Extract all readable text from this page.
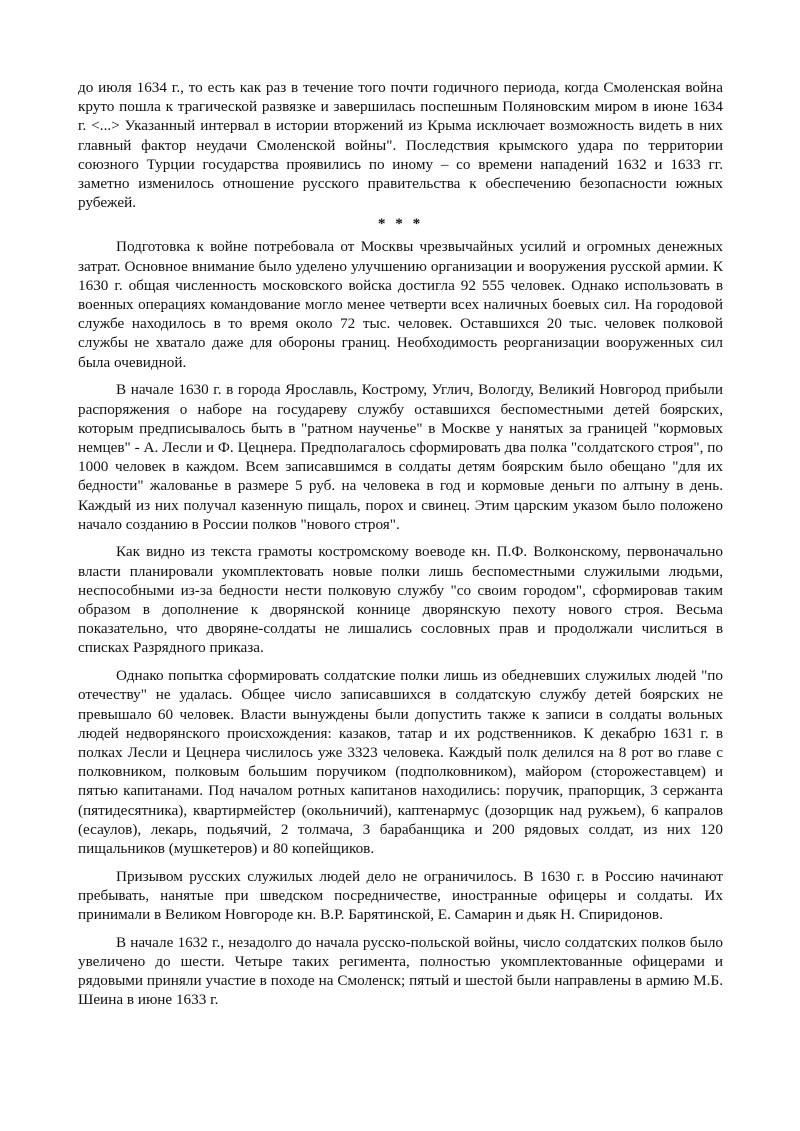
до июля 1634 г., то есть как раз в течение того почти годичного периода, когда Смоленская война круто пошла к трагической развязке и завершилась поспешным Поляновским миром в июне 1634 г. <...> Указанный интервал в истории вторжений из Крыма исключает возможность видеть в них главный фактор неудачи Смоленской войны". Последствия крымского удара по территории союзного Турции государства проявились по иному – со времени нападений 1632 и 1633 гг. заметно изменилось отношение русского правительства к обеспечению безопасности южных рубежей.

* * *

Подготовка к войне потребовала от Москвы чрезвычайных усилий и огромных денежных затрат. Основное внимание было уделено улучшению организации и вооружения русской армии. К 1630 г. общая численность московского войска достигла 92 555 человек. Однако использовать в военных операциях командование могло менее четверти всех наличных боевых сил. На городовой службе находилось в то время около 72 тыс. человек. Оставшихся 20 тыс. человек полковой службы не хватало даже для обороны границ. Необходимость реорганизации вооруженных сил была очевидной.

В начале 1630 г. в города Ярославль, Кострому, Углич, Вологду, Великий Новгород прибыли распоряжения о наборе на государеву службу оставшихся беспоместными детей боярских, которым предписывалось быть в "ратном наученье" в Москве у нанятых за границей "кормовых немцев" - А. Лесли и Ф. Цецнера. Предполагалось сформировать два полка "солдатского строя", по 1000 человек в каждом. Всем записавшимся в солдаты детям боярским было обещано "для их бедности" жалованье в размере 5 руб. на человека в год и кормовые деньги по алтыну в день. Каждый из них получал казенную пищаль, порох и свинец. Этим царским указом было положено начало созданию в России полков "нового строя".

Как видно из текста грамоты костромскому воеводе кн. П.Ф. Волконскому, первоначально власти планировали укомплектовать новые полки лишь беспоместными служилыми людьми, неспособными из-за бедности нести полковую службу "со своим городом", сформировав таким образом в дополнение к дворянской коннице дворянскую пехоту нового строя. Весьма показательно, что дворяне-солдаты не лишались сословных прав и продолжали числиться в списках Разрядного приказа.

Однако попытка сформировать солдатские полки лишь из обедневших служилых людей "по отечеству" не удалась. Общее число записавшихся в солдатскую службу детей боярских не превышало 60 человек. Власти вынуждены были допустить также к записи в солдаты вольных людей недворянского происхождения: казаков, татар и их родственников. К декабрю 1631 г. в полках Лесли и Цецнера числилось уже 3323 человека. Каждый полк делился на 8 рот во главе с полковником, полковым большим поручиком (подполковником), майором (сторожеставцем) и пятью капитанами. Под началом ротных капитанов находились: поручик, прапорщик, 3 сержанта (пятидесятника), квартирмейстер (окольничий), каптенармус (дозорщик над ружьем), 6 капралов (есаулов), лекарь, подьячий, 2 толмача, 3 барабанщика и 200 рядовых солдат, из них 120 пищальников (мушкетеров) и 80 копейщиков.

Призывом русских служилых людей дело не ограничилось. В 1630 г. в Россию начинают пребывать, нанятые при шведском посредничестве, иностранные офицеры и солдаты. Их принимали в Великом Новгороде кн. В.Р. Барятинской, Е. Самарин и дьяк Н. Спиридонов.

В начале 1632 г., незадолго до начала русско-польской войны, число солдатских полков было увеличено до шести. Четыре таких регимента, полностью укомплектованные офицерами и рядовыми приняли участие в походе на Смоленск; пятый и шестой были направлены в армию М.Б. Шеина в июне 1633 г.
